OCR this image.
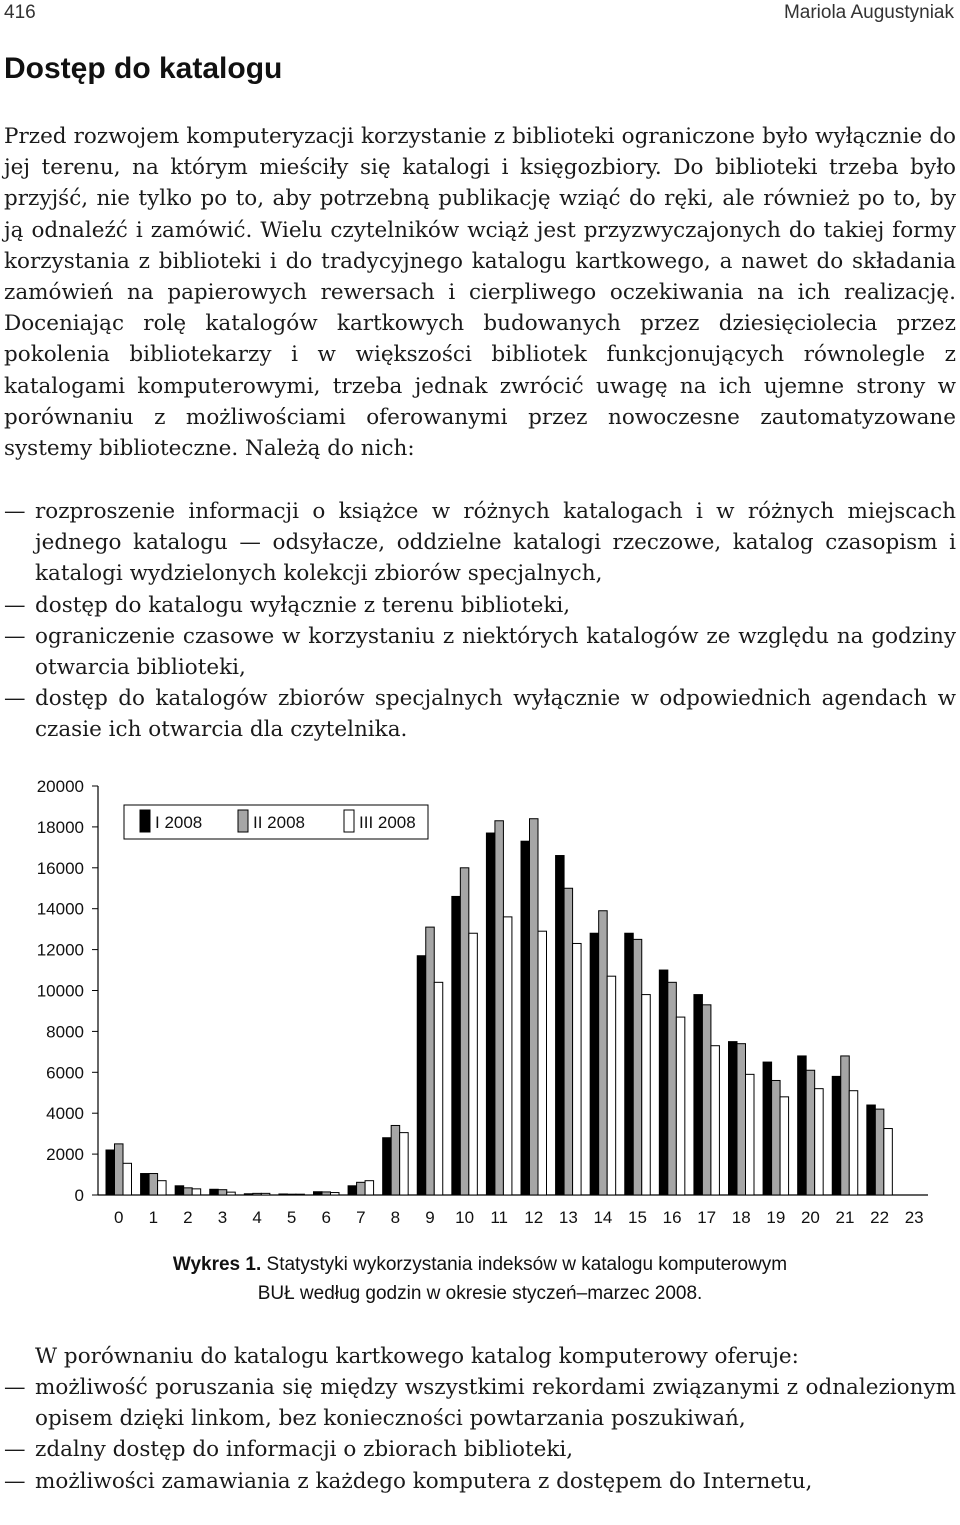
416	Mariola Augustyniak
Dostęp do katalogu

Przed rozwojem komputeryzacji korzystanie z biblioteki ograniczone było wyłącznie do jej terenu, na którym mieściły się katalogi i księgozbiory. Do biblioteki trzeba było przyjść, nie tylko po to, aby potrzebną publikację wziąć do ręki, ale również po to, by ją odnaleźć i zamówić. Wielu czytelników wciąż jest przyzwyczajonych do takiej formy korzystania z biblioteki i do tradycyjnego katalogu kartkowego, a nawet do składania zamówień na papierowych rewersach i cierpliwego oczekiwania na ich realizację. Doceniając rolę katalogów kartkowych budowanych przez dziesięciolecia przez pokolenia bibliotekarzy i w większości bibliotek funkcjonujących równolegle z katalogami komputerowymi, trzeba jednak zwrócić uwagę na ich ujemne strony w porównaniu z możliwościami oferowanymi przez nowoczesne zautomatyzowane systemy biblioteczne. Należą do nich:

— rozproszenie informacji o książce w różnych katalogach i w różnych miejscach jednego katalogu — odsyłacze, oddzielne katalogi rzeczowe, katalog czasopism i katalogi wydzielonych kolekcji zbiorów specjalnych,
— dostęp do katalogu wyłącznie z terenu biblioteki,
— ograniczenie czasowe w korzystaniu z niektórych katalogów ze względu na godziny otwarcia biblioteki,
— dostęp do katalogów zbiorów specjalnych wyłącznie w odpowiednich agendach w czasie ich otwarcia dla czytelnika.
0
2000
4000
6000
8000
10000
12000
14000
16000
18000
20000
0 1 2 3 4 5 6 7 8 9 10 11 12 13 14 15 16 17 18 19 20 21 22 23
I 2008	II 2008	III 2008
Wykres 1. Statystyki wykorzystania indeksów w katalogu komputerowym
BUŁ według godzin w okresie styczeń–marzec 2008.

W porównaniu do katalogu kartkowego katalog komputerowy oferuje:

— możliwość poruszania się między wszystkimi rekordami związanymi z odnalezionym opisem dzięki linkom, bez konieczności powtarzania poszukiwań,
— zdalny dostęp do informacji o zbiorach biblioteki,
— możliwości zamawiania z każdego komputera z dostępem do Internetu,
